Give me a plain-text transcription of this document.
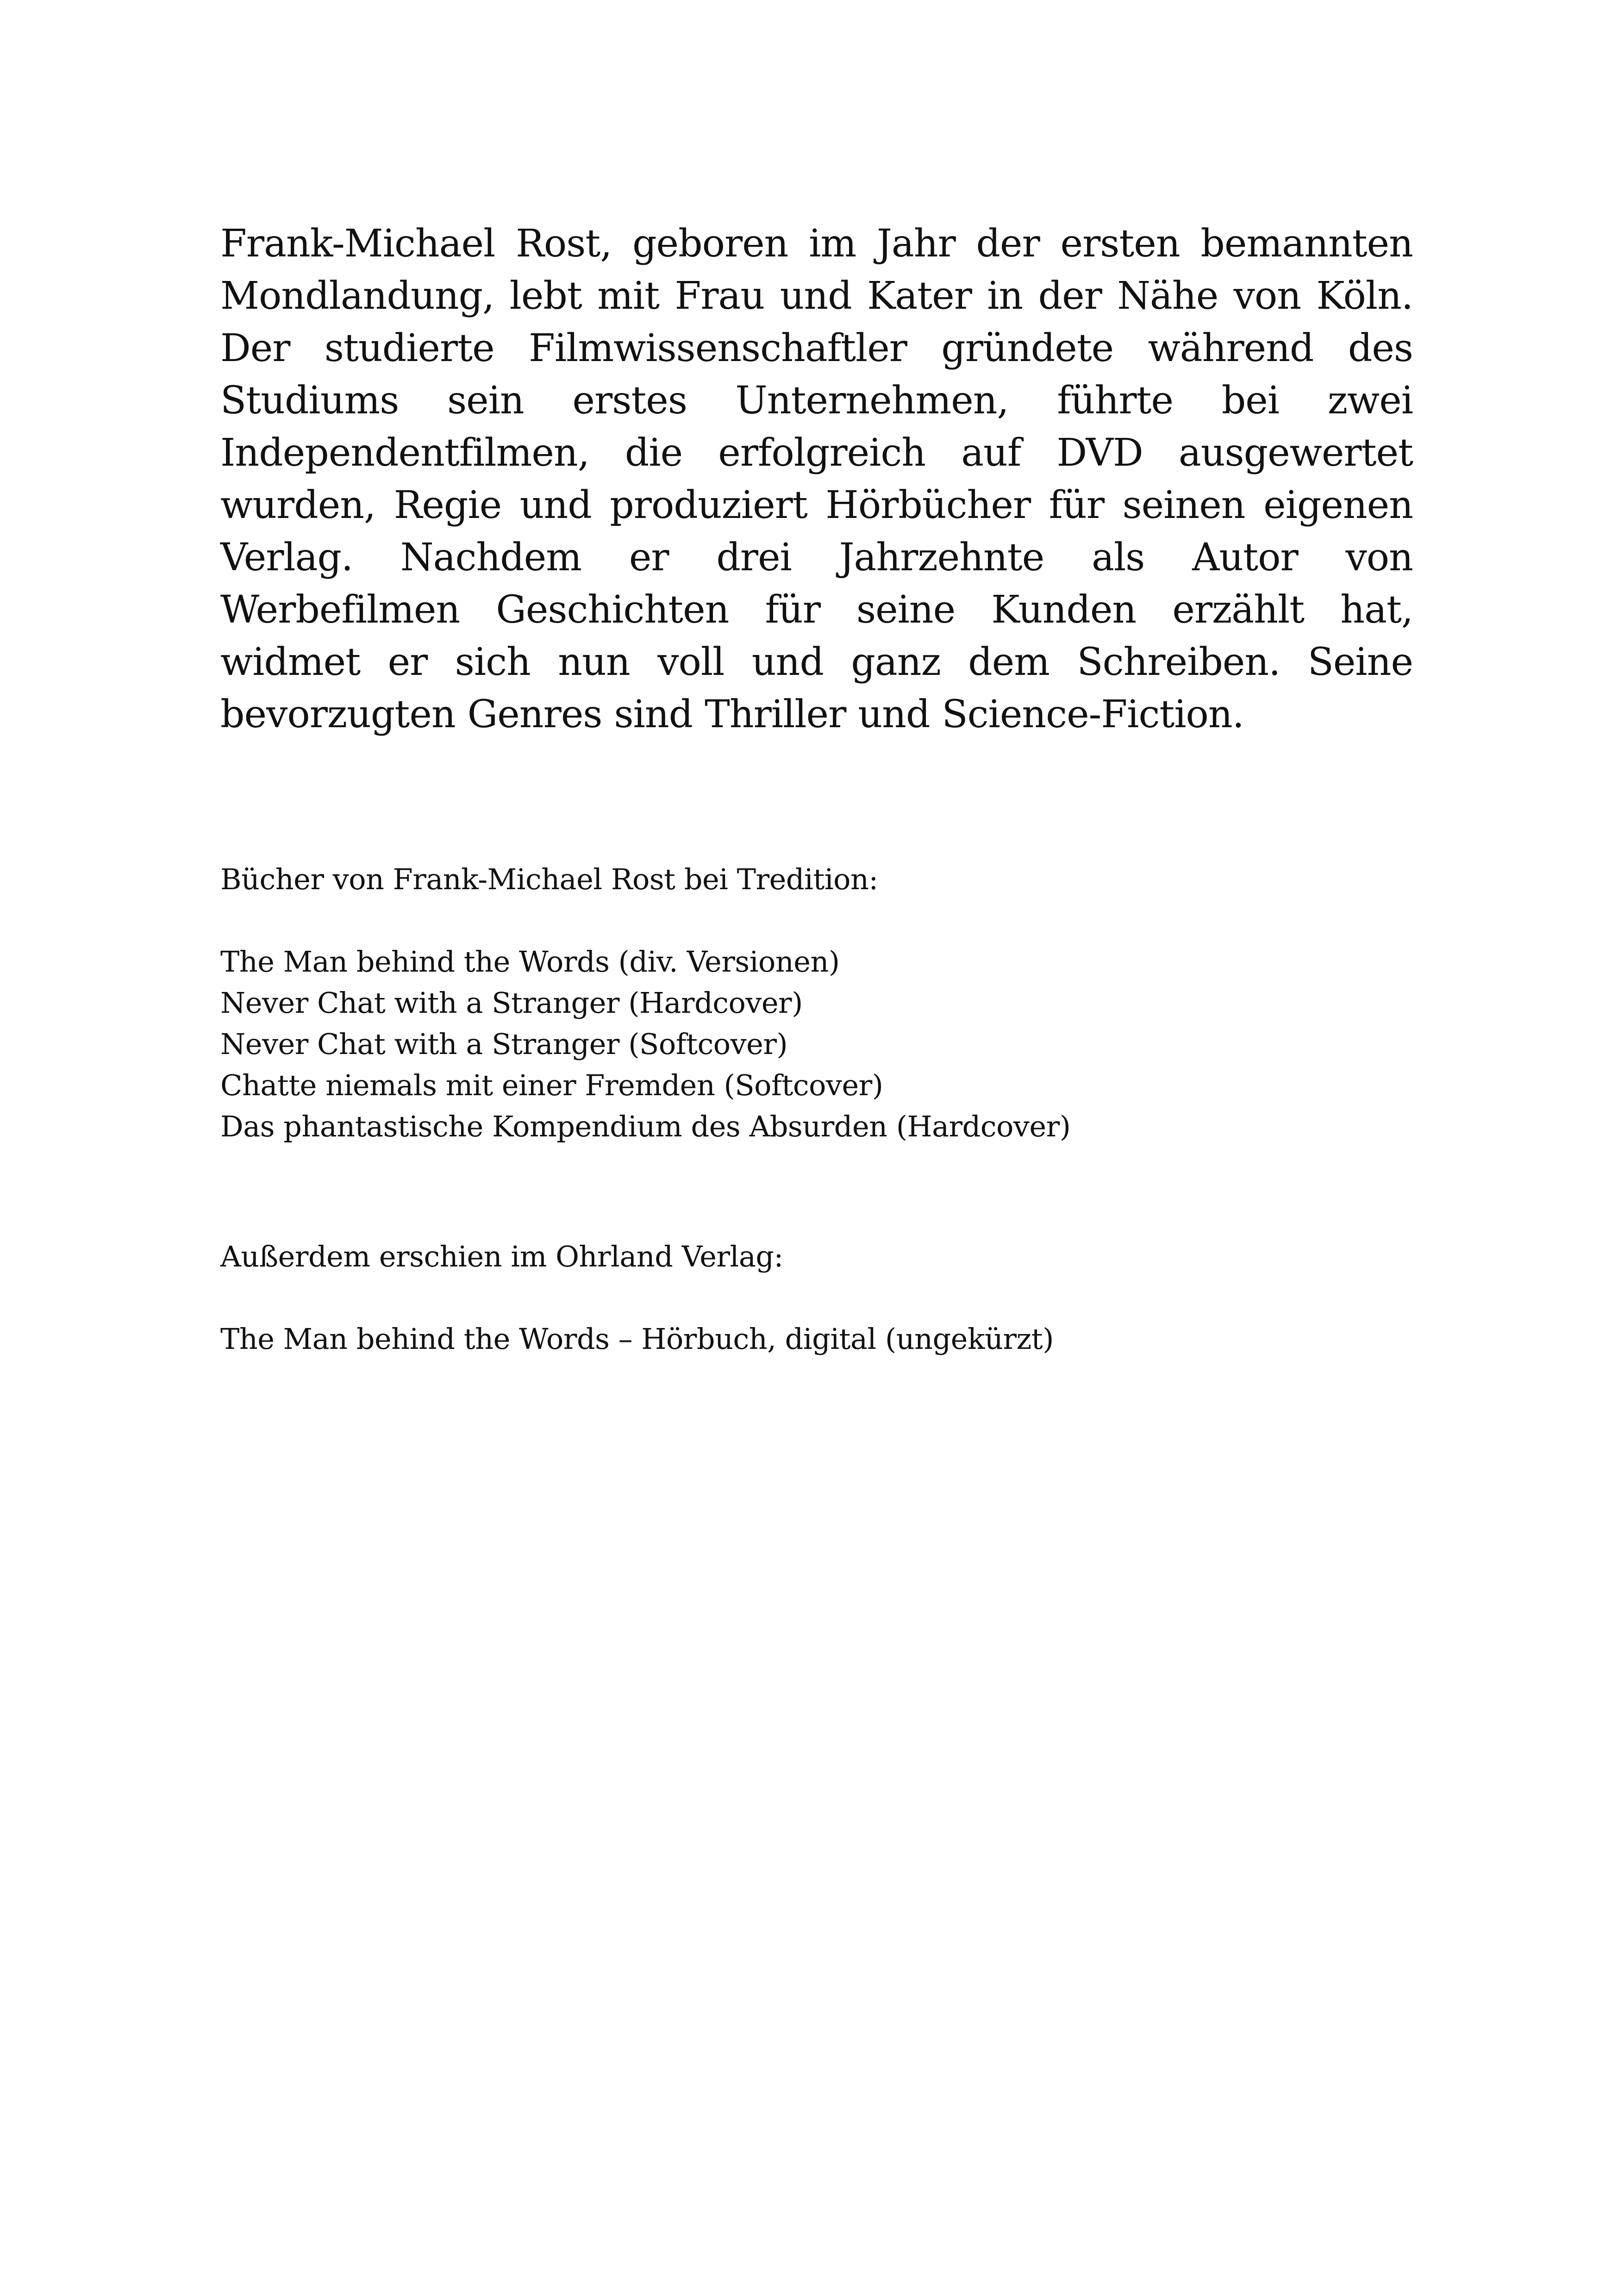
Frank-Michael Rost, geboren im Jahr der ersten bemannten Mondlandung, lebt mit Frau und Kater in der Nähe von Köln. Der studierte Filmwissenschaftler gründete während des Studiums sein erstes Unternehmen, führte bei zwei Independentfilmen, die erfolgreich auf DVD ausgewertet wurden, Regie und produziert Hörbücher für seinen eigenen Verlag. Nachdem er drei Jahrzehnte als Autor von Werbefilmen Geschichten für seine Kunden erzählt hat, widmet er sich nun voll und ganz dem Schreiben. Seine bevorzugten Genres sind Thriller und Science-Fiction.

Bücher von Frank-Michael Rost bei Tredition:

The Man behind the Words (div. Versionen)
Never Chat with a Stranger (Hardcover)
Never Chat with a Stranger (Softcover)
Chatte niemals mit einer Fremden (Softcover)
Das phantastische Kompendium des Absurden (Hardcover)

Außerdem erschien im Ohrland Verlag:

The Man behind the Words – Hörbuch, digital (ungekürzt)
